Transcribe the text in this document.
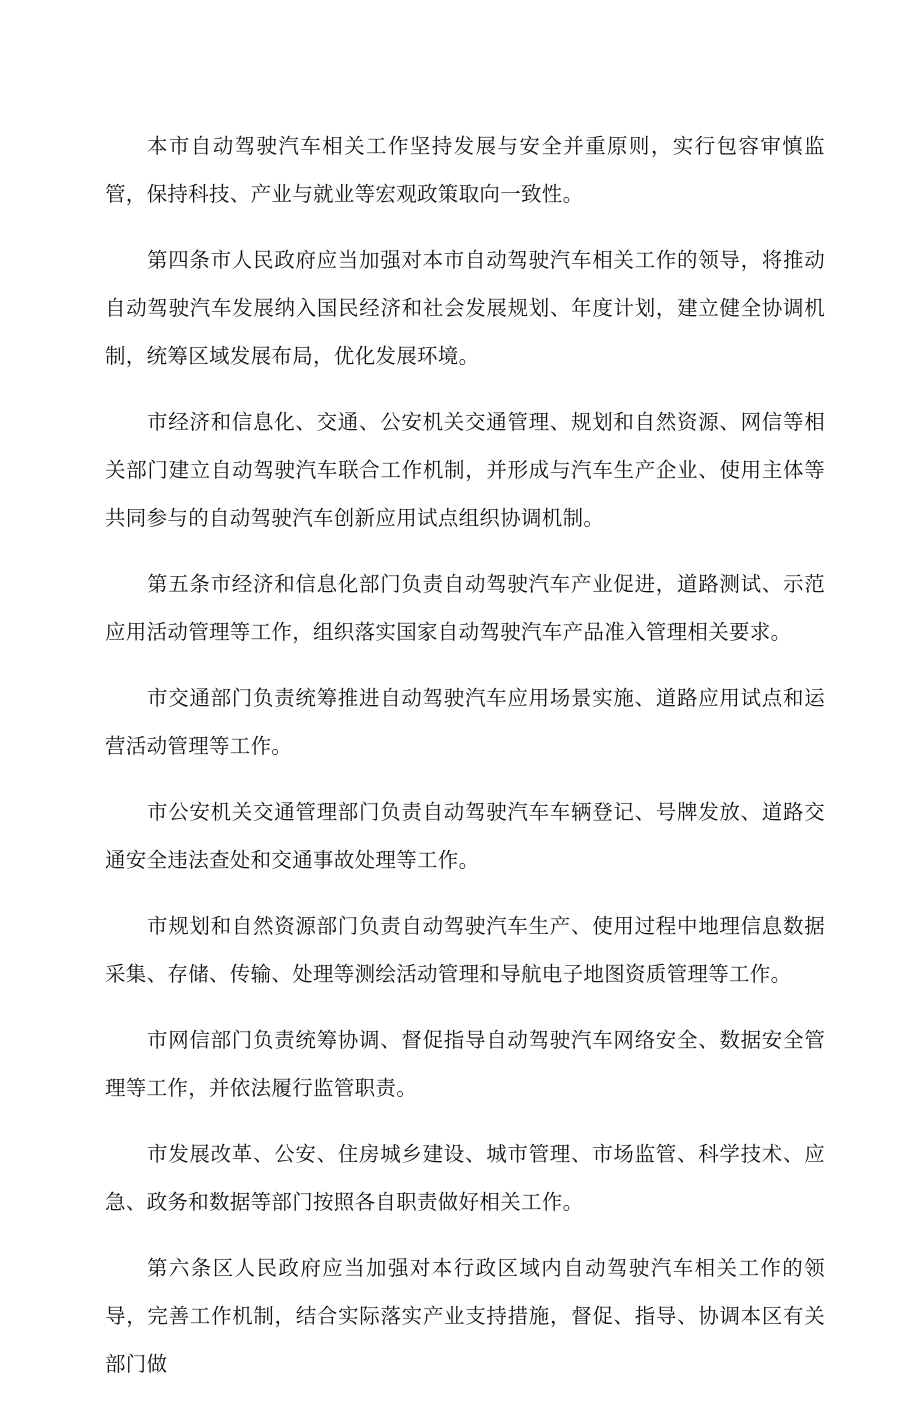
本市自动驾驶汽车相关工作坚持发展与安全并重原则，实行包容审慎监管，保持科技、产业与就业等宏观政策取向一致性。

第四条市人民政府应当加强对本市自动驾驶汽车相关工作的领导，将推动自动驾驶汽车发展纳入国民经济和社会发展规划、年度计划，建立健全协调机制，统筹区域发展布局，优化发展环境。

市经济和信息化、交通、公安机关交通管理、规划和自然资源、网信等相关部门建立自动驾驶汽车联合工作机制，并形成与汽车生产企业、使用主体等共同参与的自动驾驶汽车创新应用试点组织协调机制。

第五条市经济和信息化部门负责自动驾驶汽车产业促进，道路测试、示范应用活动管理等工作，组织落实国家自动驾驶汽车产品准入管理相关要求。

市交通部门负责统筹推进自动驾驶汽车应用场景实施、道路应用试点和运营活动管理等工作。

市公安机关交通管理部门负责自动驾驶汽车车辆登记、号牌发放、道路交通安全违法查处和交通事故处理等工作。

市规划和自然资源部门负责自动驾驶汽车生产、使用过程中地理信息数据采集、存储、传输、处理等测绘活动管理和导航电子地图资质管理等工作。

市网信部门负责统筹协调、督促指导自动驾驶汽车网络安全、数据安全管理等工作，并依法履行监管职责。

市发展改革、公安、住房城乡建设、城市管理、市场监管、科学技术、应急、政务和数据等部门按照各自职责做好相关工作。

第六条区人民政府应当加强对本行政区域内自动驾驶汽车相关工作的领导，完善工作机制，结合实际落实产业支持措施，督促、指导、协调本区有关部门做
